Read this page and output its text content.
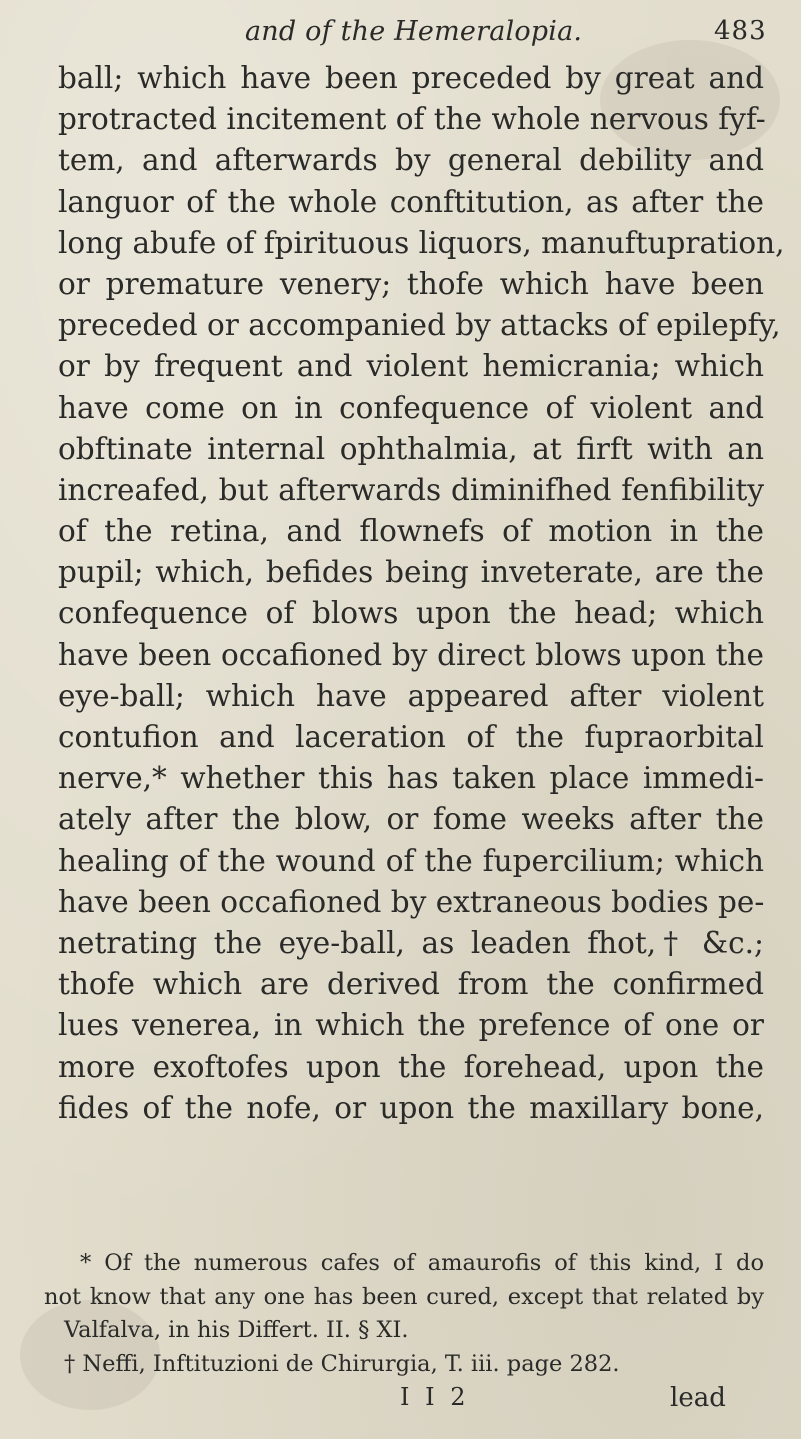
and of the Hemeralopia.	483
ball; which have been preceded by great and
protracted incitement of the whole nervous fyf-
tem, and afterwards by general debility and
languor of the whole conftitution, as after the
long abufe of fpirituous liquors, manuftupration,
or premature venery; thofe which have been
preceded or accompanied by attacks of epilepfy,
or by frequent and violent hemicrania; which
have come on in confequence of violent and
obftinate internal ophthalmia, at firft with an
increafed, but afterwards diminifhed fenfibility
of the retina, and flownefs of motion in the
pupil; which, befides being inveterate, are the
confequence of blows upon the head; which
have been occafioned by direct blows upon the
eye-ball; which have appeared after violent
contufion and laceration of the fupraorbital
nerve,* whether this has taken place immedi-
ately after the blow, or fome weeks after the
healing of the wound of the fupercilium; which
have been occafioned by extraneous bodies pe-
netrating the eye-ball, as leaden fhot,† &c.;
thofe which are derived from the confirmed
lues venerea, in which the prefence of one or
more exoftofes upon the forehead, upon the
fides of the nofe, or upon the maxillary bone,
* Of the numerous cafes of amaurofis of this kind, I do
not know that any one has been cured, except that related by
Valfalva, in his Differt. II. § XI.
† Neffi, Inftituzioni de Chirurgia, T. iii. page 282.
I I 2	lead
